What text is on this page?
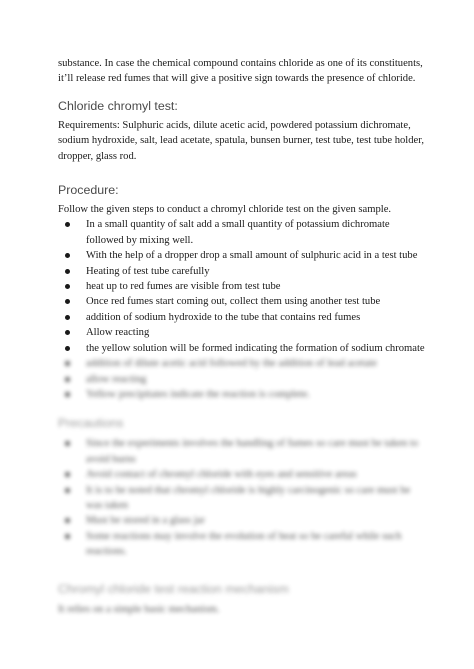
substance. In case the chemical compound contains chloride as one of its constituents, it’ll release red fumes that will give a positive sign towards the presence of chloride.

Chloride chromyl test:

Requirements: Sulphuric acids, dilute acetic acid, powdered potassium dichromate, sodium hydroxide, salt, lead acetate, spatula, bunsen burner, test tube, test tube holder, dropper, glass rod.

Procedure:

Follow the given steps to conduct a chromyl chloride test on the given sample.

In a small quantity of salt add a small quantity of potassium dichromate followed by mixing well.
With the help of a dropper drop a small amount of sulphuric acid in a test tube
Heating of test tube carefully
heat up to red fumes are visible from test tube
Once red fumes start coming out, collect them using another test tube
addition of sodium hydroxide to the tube that contains red fumes
Allow reacting
the yellow solution will be formed indicating the formation of sodium chromate
addition of dilute acetic acid followed by the addition of lead acetate
allow reacting
Yellow precipitates indicate the reaction is complete.
Precautions
Since the experiments involves the handling of fumes so care must be taken to avoid burns
Avoid contact of chromyl chloride with eyes and sensitive areas
It is to be noted that chromyl chloride is highly carcinogenic so care must be was taken
Must be stored in a glass jar
Some reactions may involve the evolution of heat so be careful while such reactions.
Chromyl chloride test reaction mechanism

It relies on a simple basic mechanism.
